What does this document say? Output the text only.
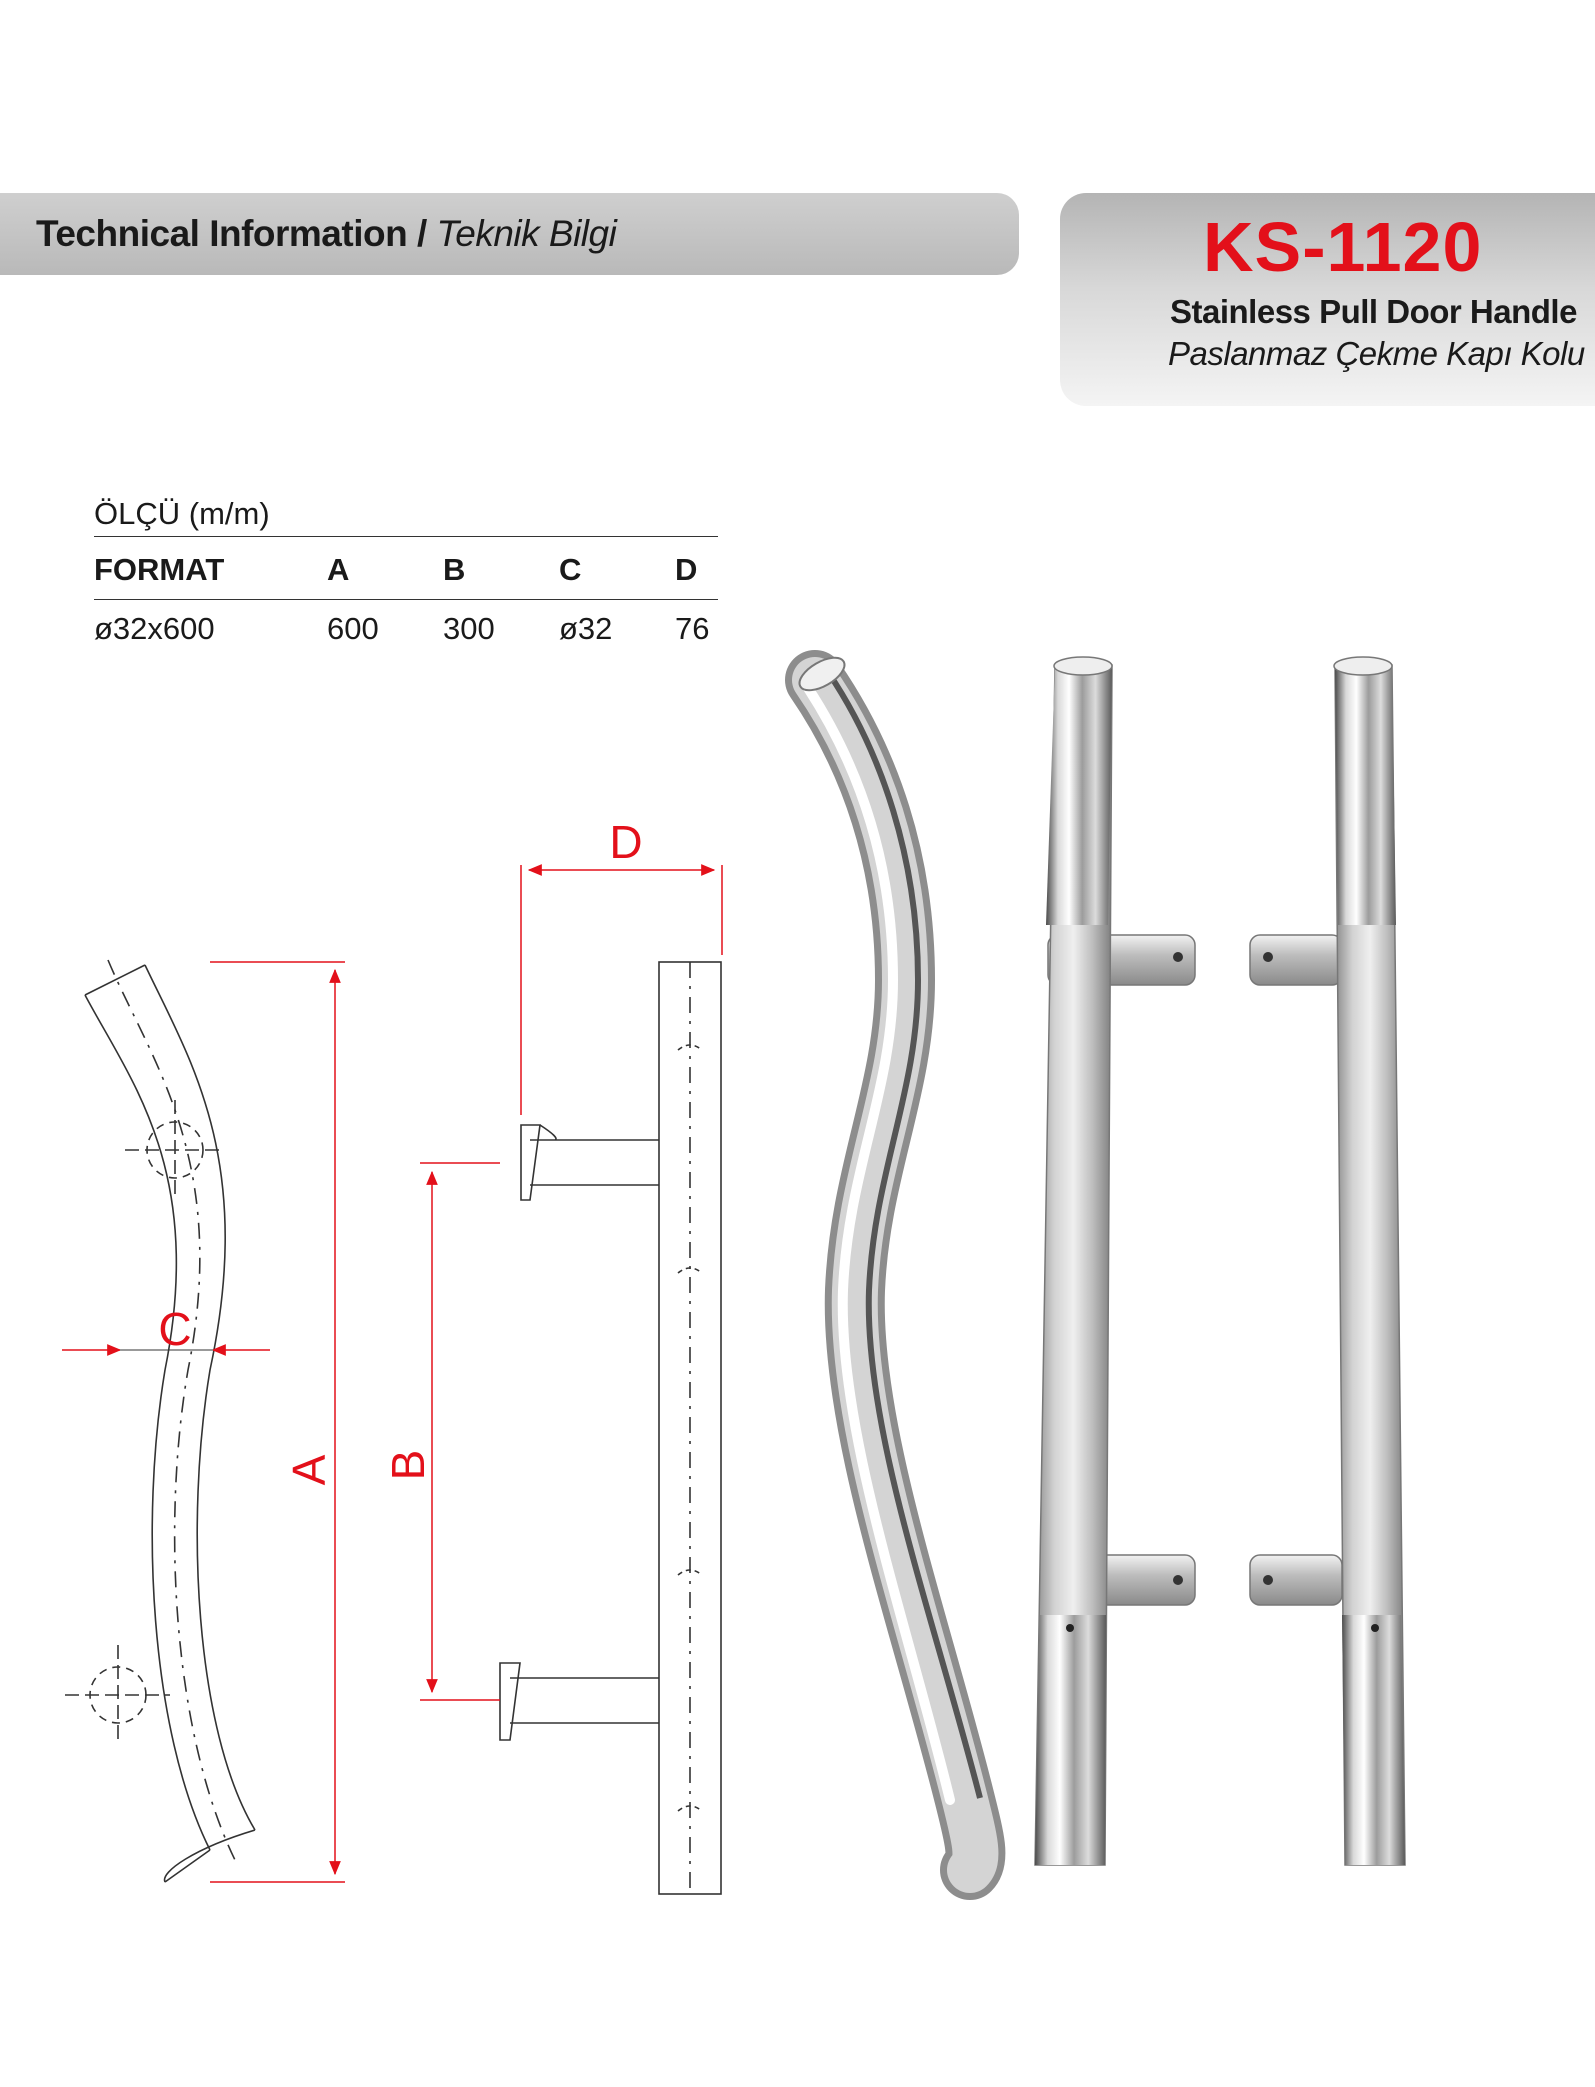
Technical Information / Teknik Bilgi	KS-1120
Stainless Pull Door Handle
Paslanmaz Çekme Kapı Kolu
ÖLÇÜ (m/m)
FORMAT	A	B	C	D
ø32x600	600	300	ø32	76
A
C
B
D
